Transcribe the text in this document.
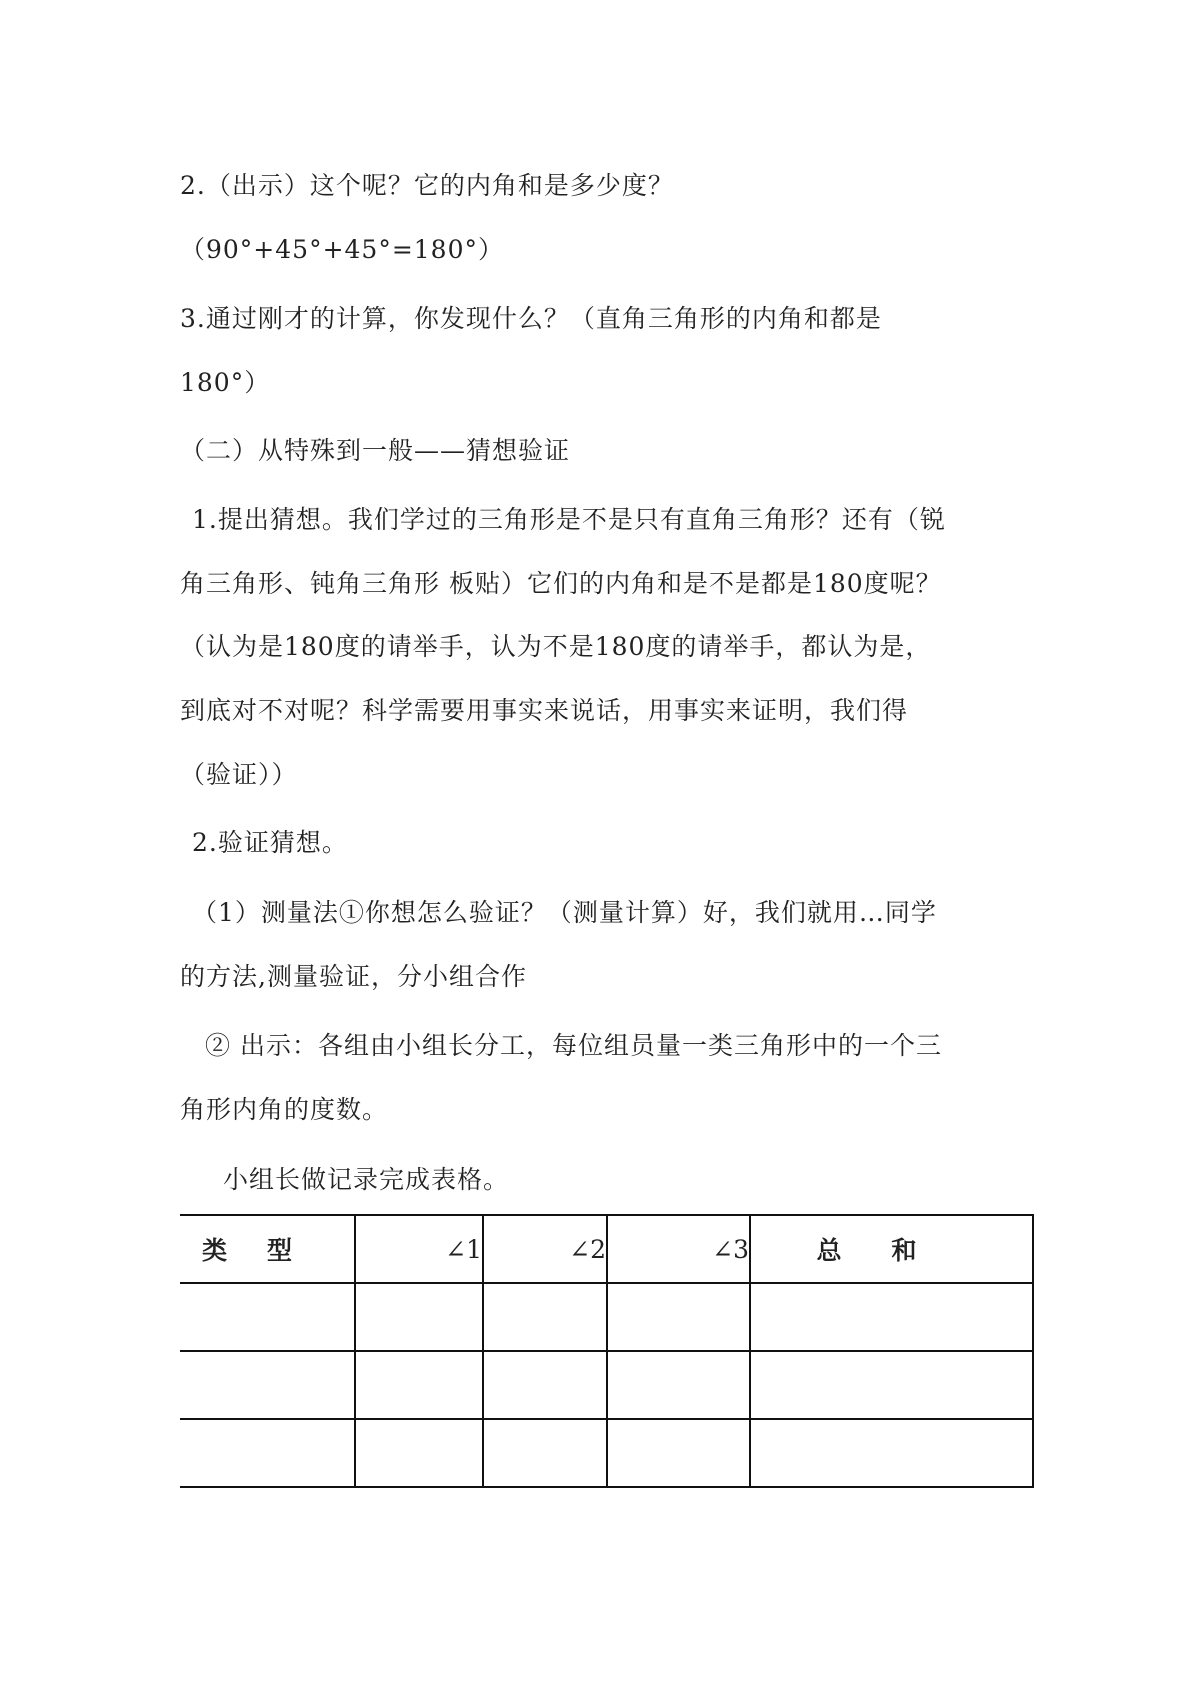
2.（出示）这个呢？它的内角和是多少度？
（90°+45°+45°=180°）
3.通过刚才的计算，你发现什么？（直角三角形的内角和都是
180°）
（二）从特殊到一般——猜想验证
1.提出猜想。我们学过的三角形是不是只有直角三角形？还有（锐
角三角形、钝角三角形 板贴）它们的内角和是不是都是180度呢？
（认为是180度的请举手，认为不是180度的请举手，都认为是，
到底对不对呢？科学需要用事实来说话，用事实来证明，我们得
（验证））
2.验证猜想。
（1）测量法①你想怎么验证？（测量计算）好，我们就用…同学
的方法,测量验证，分小组合作
② 出示：各组由小组长分工，每位组员量一类三角形中的一个三
角形内角的度数。
小组长做记录完成表格。
类型	∠1	∠2	∠3	总和
